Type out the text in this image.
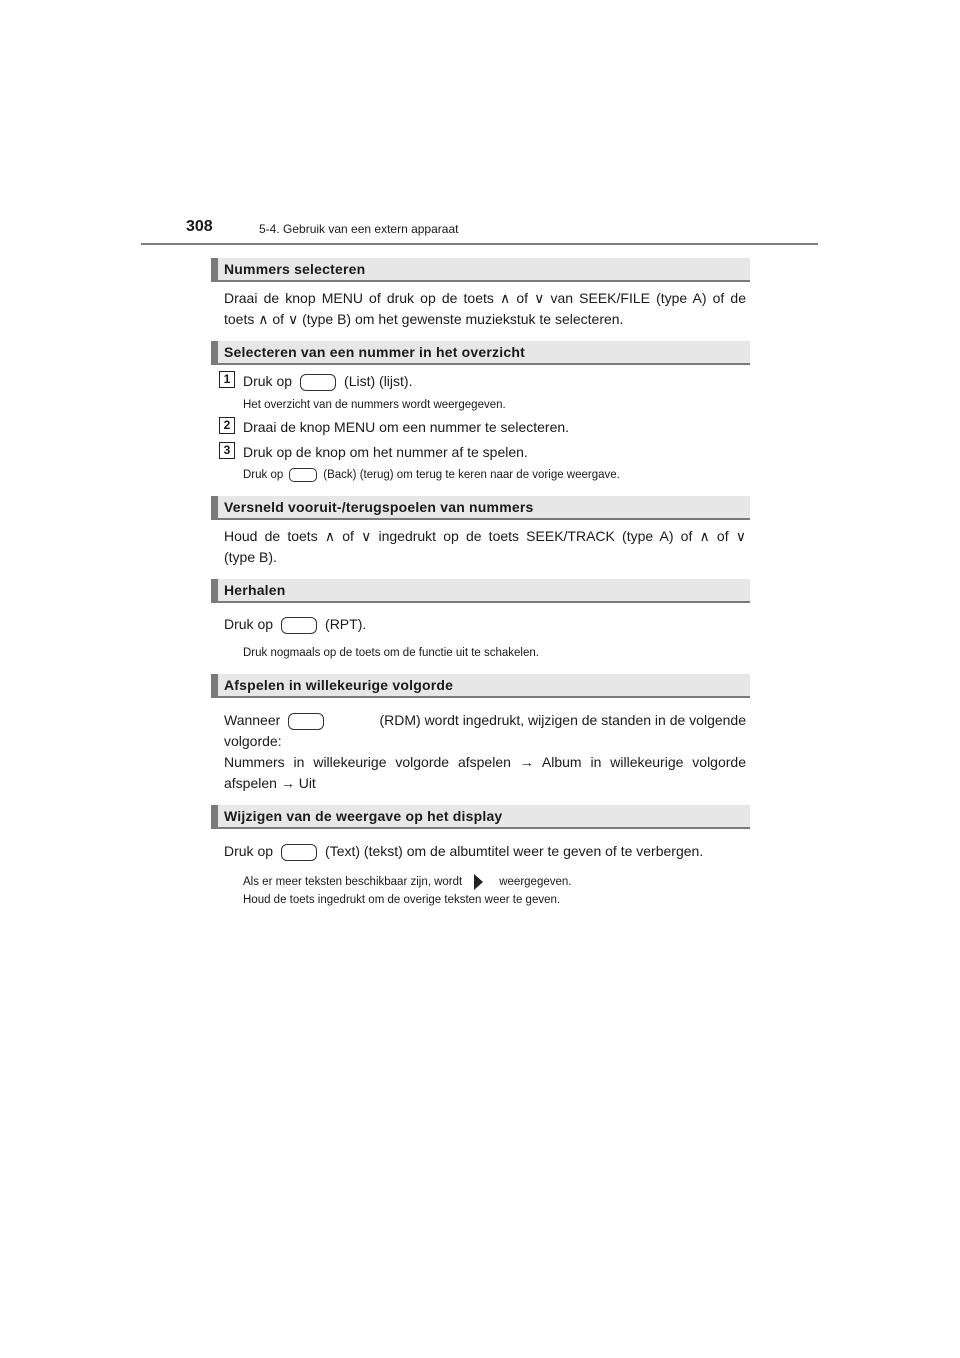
308	5-4. Gebruik van een extern apparaat
Nummers selecteren
Draai de knop MENU of druk op de toets ∧ of ∨ van SEEK/FILE (type A) of de
toets ∧ of ∨ (type B) om het gewenste muziekstuk te selecteren.
Selecteren van een nummer in het overzicht
1 Druk op	(List) (lijst).
Het overzicht van de nummers wordt weergegeven.
2 Draai de knop MENU om een nummer te selecteren.
3 Druk op de knop om het nummer af te spelen.
Druk op	(Back) (terug) om terug te keren naar de vorige weergave.
Versneld vooruit-/terugspoelen van nummers
Houd de toets ∧ of ∨ ingedrukt op de toets SEEK/TRACK (type A) of ∧ of ∨
(type B).
Herhalen
Druk op	(RPT).
Druk nogmaals op de toets om de functie uit te schakelen.
Afspelen in willekeurige volgorde
Wanneer	(RDM) wordt ingedrukt, wijzigen de standen in de volgende
volgorde:
Nummers in willekeurige volgorde afspelen → Album in willekeurige volgorde
afspelen → Uit
Wijzigen van de weergave op het display
Druk op	(Text) (tekst) om de albumtitel weer te geven of te verbergen.
Als er meer teksten beschikbaar zijn, wordt	weergegeven.
Houd de toets ingedrukt om de overige teksten weer te geven.
